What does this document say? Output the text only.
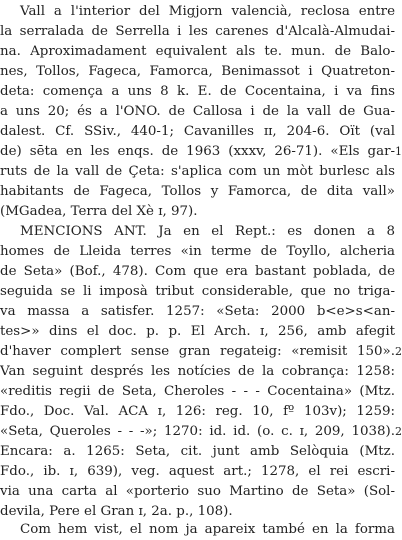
Vall a l'interior del Migjorn valencià, reclosa entre
la serralada de Serrella i les carenes d'Alcalà-Almudai-
na. Aproximadament equivalent als te. mun. de Balo-
nes, Tollos, Fageca, Famorca, Benimassot i Quatreton-
deta: comença a uns 8 k. E. de Cocentaina, i va fins
a uns 20; és a l'ONO. de Callosa i de la vall de Gua-
dalest. Cf. SSiv., 440-1; Cavanilles ɪɪ, 204-6. Oït (val
de) sēta en les enqs. de 1963 (xxxv, 26-71). «Els gar-
ruts de la vall de Çeta: s'aplica com un mòt burlesc als
habitants de Fageca, Tollos y Famorca, de dita vall»
(MGadea, Terra del Xè ɪ, 97).
MENCIONS ANT. Ja en el Rept.: es donen a 8
homes de Lleida terres «in terme de Toyllo, alcheria
de Seta» (Bof., 478). Com que era bastant poblada, de
seguida se li imposà tribut considerable, que no triga-
va massa a satisfer. 1257: «Seta: 2000 b<e>s<an-
tes>» dins el doc. p. p. El Arch. ɪ, 256, amb afegit
d'haver complert sense gran regateig: «remisit 150».
Van seguint després les notícies de la cobrança: 1258:
«reditis regii de Seta, Cheroles - - - Cocentaina» (Mtz.
Fdo., Doc. Val. ACA ɪ, 126: reg. 10, fº 103v); 1259:
«Seta, Queroles - - -»; 1270: id. id. (o. c. ɪ, 209, 1038).
Encara: a. 1265: Seta, cit. junt amb Selòquia (Mtz.
Fdo., ib. ɪ, 639), veg. aquest art.; 1278, el rei escri-
via una carta al «porterio suo Martino de Seta» (Sol-
devila, Pere el Gran ɪ, 2a. p., 108).
Com hem vist, el nom ja apareix també en la forma
1
2
2
